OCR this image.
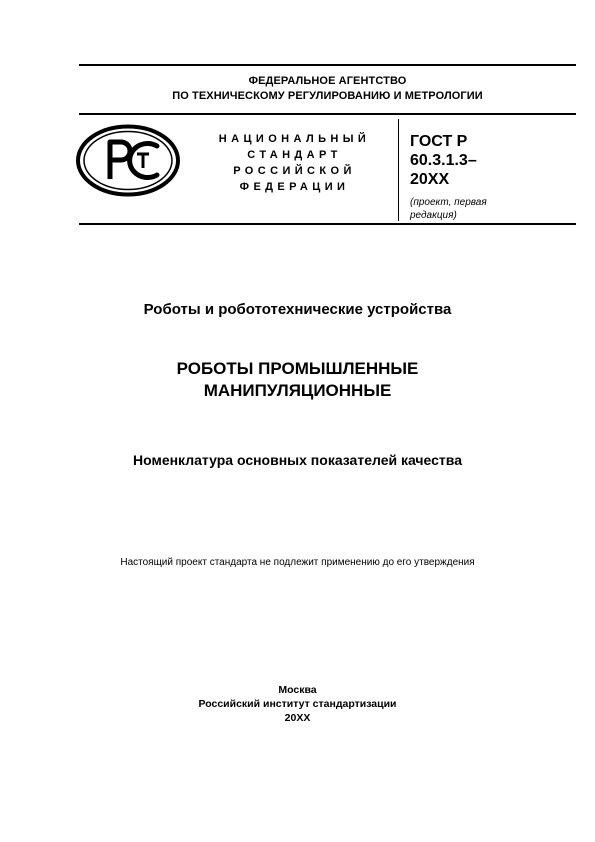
ФЕДЕРАЛЬНОЕ АГЕНТСТВО
ПО ТЕХНИЧЕСКОМУ РЕГУЛИРОВАНИЮ И МЕТРОЛОГИИ
НАЦИОНАЛЬНЫЙ
СТАНДАРТ
РОССИЙСКОЙ
ФЕДЕРАЦИИ
ГОСТ Р
60.3.1.3–
20XX
(проект, первая
редакция)
Роботы и робототехнические устройства
РОБОТЫ ПРОМЫШЛЕННЫЕ
МАНИПУЛЯЦИОННЫЕ
Номенклатура основных показателей качества
Настоящий проект стандарта не подлежит применению до его утверждения
Москва
Российский институт стандартизации
20XX
